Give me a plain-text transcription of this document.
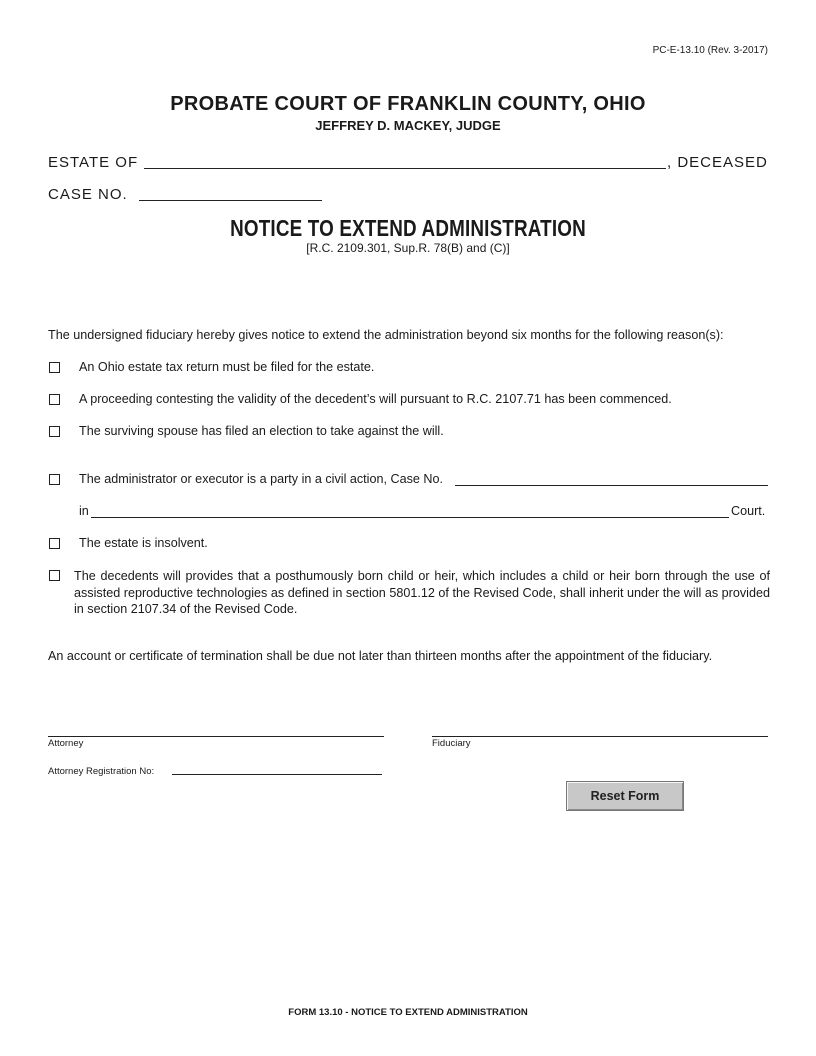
PC-E-13.10 (Rev. 3-2017)
PROBATE COURT OF FRANKLIN COUNTY, OHIO
JEFFREY D. MACKEY, JUDGE
ESTATE OF	, DECEASED
CASE NO.
NOTICE TO EXTEND ADMINISTRATION
[R.C. 2109.301, Sup.R. 78(B) and (C)]
The undersigned fiduciary hereby gives notice to extend the administration beyond six months for the following reason(s):
An Ohio estate tax return must be filed for the estate.
A proceeding contesting the validity of the decedent’s will pursuant to R.C. 2107.71 has been commenced.
The surviving spouse has filed an election to take against the will.
The administrator or executor is a party in a civil action, Case No.
in	Court.
The estate is insolvent.
The decedents will provides that a posthumously born child or heir, which includes a child or heir born through the use of assisted reproductive technologies as defined in section 5801.12 of the Revised Code, shall inherit under the will as provided in section 2107.34 of the Revised Code.
An account or certificate of termination shall be due not later than thirteen months after the appointment of the fiduciary.
Attorney	Fiduciary
Attorney Registration No:
Reset Form
FORM 13.10 - NOTICE TO EXTEND ADMINISTRATION
